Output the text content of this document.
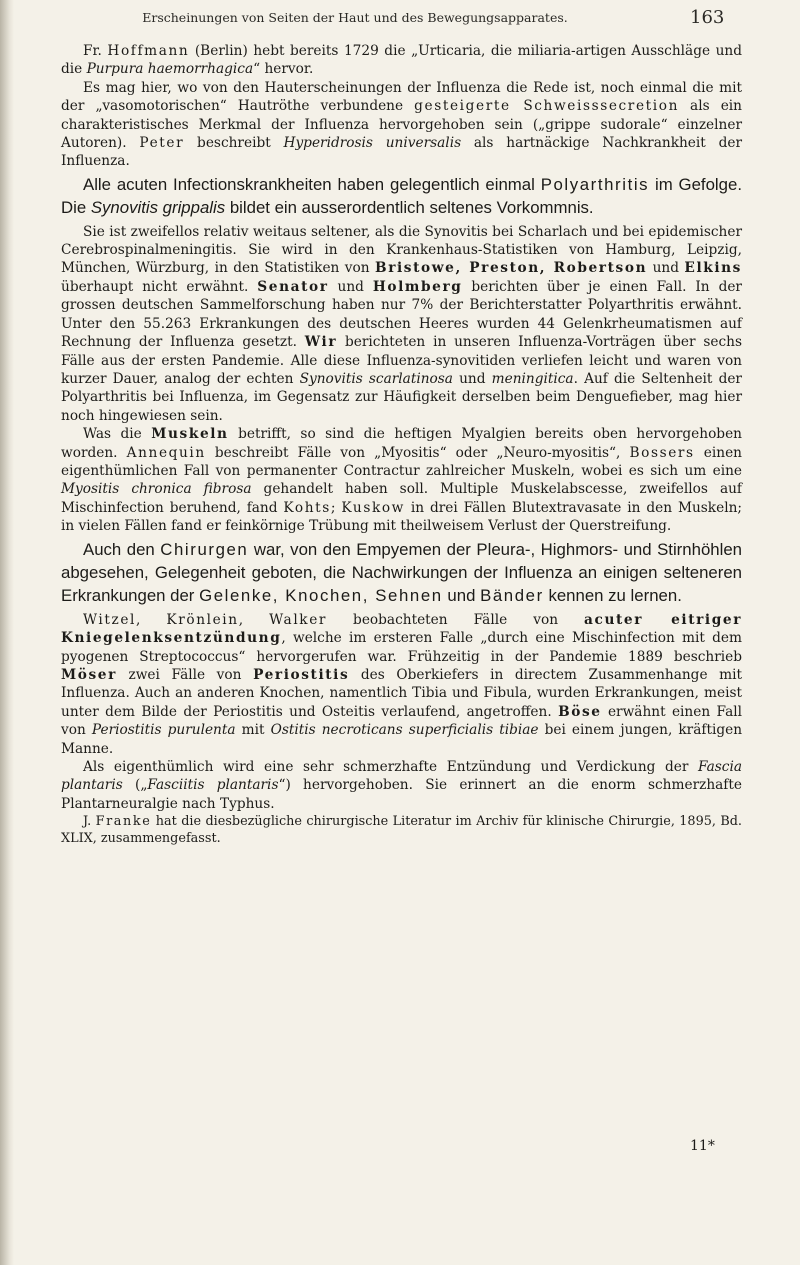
Erscheinungen von Seiten der Haut und des Bewegungsapparates.	163

Fr. Hoffmann (Berlin) hebt bereits 1729 die „Urticaria, die miliaria-artigen Ausschläge und die Purpura haemorrhagica“ hervor.

Es mag hier, wo von den Hauterscheinungen der Influenza die Rede ist, noch einmal die mit der „vasomotorischen“ Hautröthe verbundene gesteigerte Schweisssecretion als ein charakteristisches Merkmal der Influenza hervorgehoben sein („grippe sudorale“ einzelner Autoren). Peter beschreibt Hyperidrosis universalis als hartnäckige Nachkrankheit der Influenza.

Alle acuten Infectionskrankheiten haben gelegentlich einmal Polyarthritis im Gefolge. Die Synovitis grippalis bildet ein ausserordentlich seltenes Vorkommnis.

Sie ist zweifellos relativ weitaus seltener, als die Synovitis bei Scharlach und bei epidemischer Cerebrospinalmeningitis. Sie wird in den Krankenhaus-Statistiken von Hamburg, Leipzig, München, Würzburg, in den Statistiken von Bristowe, Preston, Robertson und Elkins überhaupt nicht erwähnt. Senator und Holmberg berichten über je einen Fall. In der grossen deutschen Sammelforschung haben nur 7% der Berichterstatter Polyarthritis erwähnt. Unter den 55.263 Erkrankungen des deutschen Heeres wurden 44 Gelenkrheumatismen auf Rechnung der Influenza gesetzt. Wir berichteten in unseren Influenza-Vorträgen über sechs Fälle aus der ersten Pandemie. Alle diese Influenza-synovitiden verliefen leicht und waren von kurzer Dauer, analog der echten Synovitis scarlatinosa und meningitica. Auf die Seltenheit der Polyarthritis bei Influenza, im Gegensatz zur Häufigkeit derselben beim Denguefieber, mag hier noch hingewiesen sein.

Was die Muskeln betrifft, so sind die heftigen Myalgien bereits oben hervorgehoben worden. Annequin beschreibt Fälle von „Myositis“ oder „Neuro-myositis“, Bossers einen eigenthümlichen Fall von permanenter Contractur zahlreicher Muskeln, wobei es sich um eine Myositis chronica fibrosa gehandelt haben soll. Multiple Muskelabscesse, zweifellos auf Mischinfection beruhend, fand Kohts; Kuskow in drei Fällen Blutextravasate in den Muskeln; in vielen Fällen fand er feinkörnige Trübung mit theilweisem Verlust der Querstreifung.

Auch den Chirurgen war, von den Empyemen der Pleura-, Highmors- und Stirnhöhlen abgesehen, Gelegenheit geboten, die Nachwirkungen der Influenza an einigen selteneren Erkrankungen der Gelenke, Knochen, Sehnen und Bänder kennen zu lernen.

Witzel, Krönlein, Walker beobachteten Fälle von acuter eitriger Kniegelenksentzündung, welche im ersteren Falle „durch eine Mischinfection mit dem pyogenen Streptococcus“ hervorgerufen war. Frühzeitig in der Pandemie 1889 beschrieb Möser zwei Fälle von Periostitis des Oberkiefers in directem Zusammenhange mit Influenza. Auch an anderen Knochen, namentlich Tibia und Fibula, wurden Erkrankungen, meist unter dem Bilde der Periostitis und Osteitis verlaufend, angetroffen. Böse erwähnt einen Fall von Periostitis purulenta mit Ostitis necroticans superficialis tibiae bei einem jungen, kräftigen Manne.

Als eigenthümlich wird eine sehr schmerzhafte Entzündung und Verdickung der Fascia plantaris („Fasciitis plantaris“) hervorgehoben. Sie erinnert an die enorm schmerzhafte Plantarneuralgie nach Typhus.

J. Franke hat die diesbezügliche chirurgische Literatur im Archiv für klinische Chirurgie, 1895, Bd. XLIX, zusammengefasst.

11*
